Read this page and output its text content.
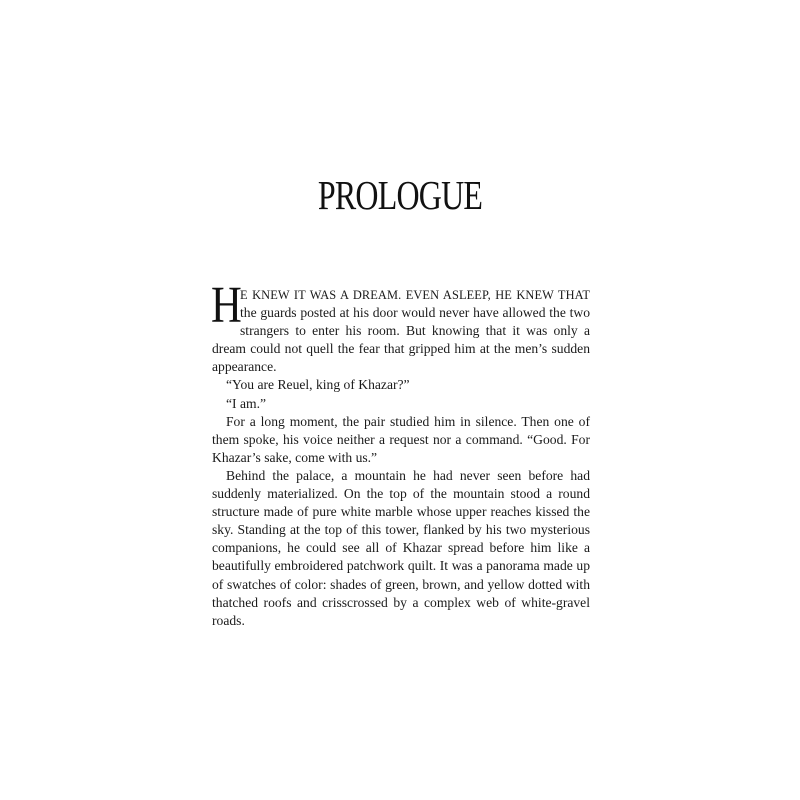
PROLOGUE

H
E KNEW IT WAS A DREAM. EVEN ASLEEP, HE KNEW THAT the guards posted at his door would never have allowed the two strangers to enter his room. But knowing that it was only a dream could not quell the fear that gripped him at the men’s sudden appearance.

“You are Reuel, king of Khazar?”

“I am.”

For a long moment, the pair studied him in silence. Then one of them spoke, his voice neither a request nor a command. “Good. For Khazar’s sake, come with us.”

Behind the palace, a mountain he had never seen before had suddenly materialized. On the top of the mountain stood a round structure made of pure white marble whose upper reaches kissed the sky. Standing at the top of this tower, flanked by his two mysterious companions, he could see all of Khazar spread before him like a beautifully embroidered patchwork quilt. It was a panorama made up of swatches of color: shades of green, brown, and yellow dotted with thatched roofs and crisscrossed by a complex web of white-gravel roads.
